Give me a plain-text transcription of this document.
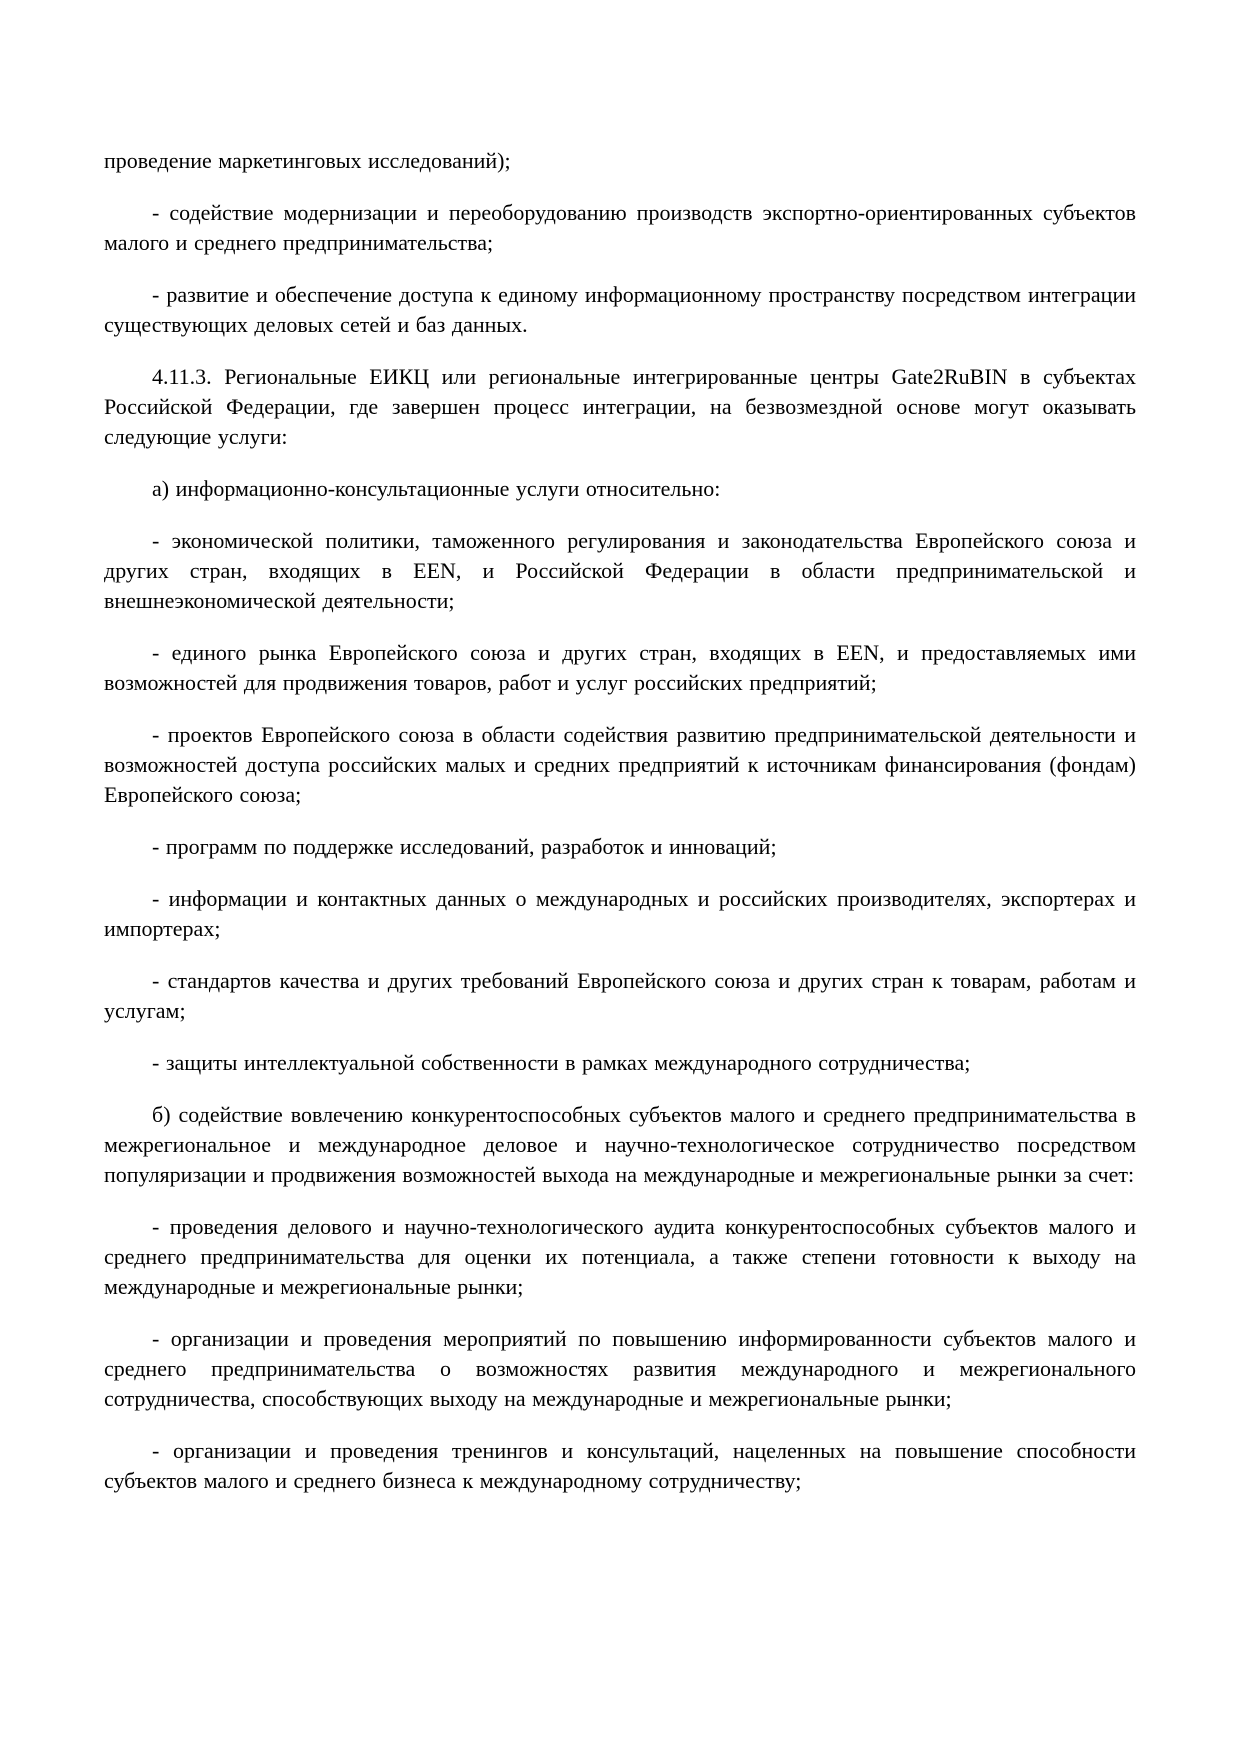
проведение маркетинговых исследований);

- содействие модернизации и переоборудованию производств экспортно-ориентированных субъектов малого и среднего предпринимательства;

- развитие и обеспечение доступа к единому информационному пространству посредством интеграции существующих деловых сетей и баз данных.

4.11.3. Региональные ЕИКЦ или региональные интегрированные центры Gate2RuBIN в субъектах Российской Федерации, где завершен процесс интеграции, на безвозмездной основе могут оказывать следующие услуги:

а) информационно-консультационные услуги относительно:

- экономической политики, таможенного регулирования и законодательства Европейского союза и других стран, входящих в EEN, и Российской Федерации в области предпринимательской и внешнеэкономической деятельности;

- единого рынка Европейского союза и других стран, входящих в EEN, и предоставляемых ими возможностей для продвижения товаров, работ и услуг российских предприятий;

- проектов Европейского союза в области содействия развитию предпринимательской деятельности и возможностей доступа российских малых и средних предприятий к источникам финансирования (фондам) Европейского союза;

- программ по поддержке исследований, разработок и инноваций;

- информации и контактных данных о международных и российских производителях, экспортерах и импортерах;

- стандартов качества и других требований Европейского союза и других стран к товарам, работам и услугам;

- защиты интеллектуальной собственности в рамках международного сотрудничества;

б) содействие вовлечению конкурентоспособных субъектов малого и среднего предпринимательства в межрегиональное и международное деловое и научно-технологическое сотрудничество посредством популяризации и продвижения возможностей выхода на международные и межрегиональные рынки за счет:

- проведения делового и научно-технологического аудита конкурентоспособных субъектов малого и среднего предпринимательства для оценки их потенциала, а также степени готовности к выходу на международные и межрегиональные рынки;

- организации и проведения мероприятий по повышению информированности субъектов малого и среднего предпринимательства о возможностях развития международного и межрегионального сотрудничества, способствующих выходу на международные и межрегиональные рынки;

- организации и проведения тренингов и консультаций, нацеленных на повышение способности субъектов малого и среднего бизнеса к международному сотрудничеству;
